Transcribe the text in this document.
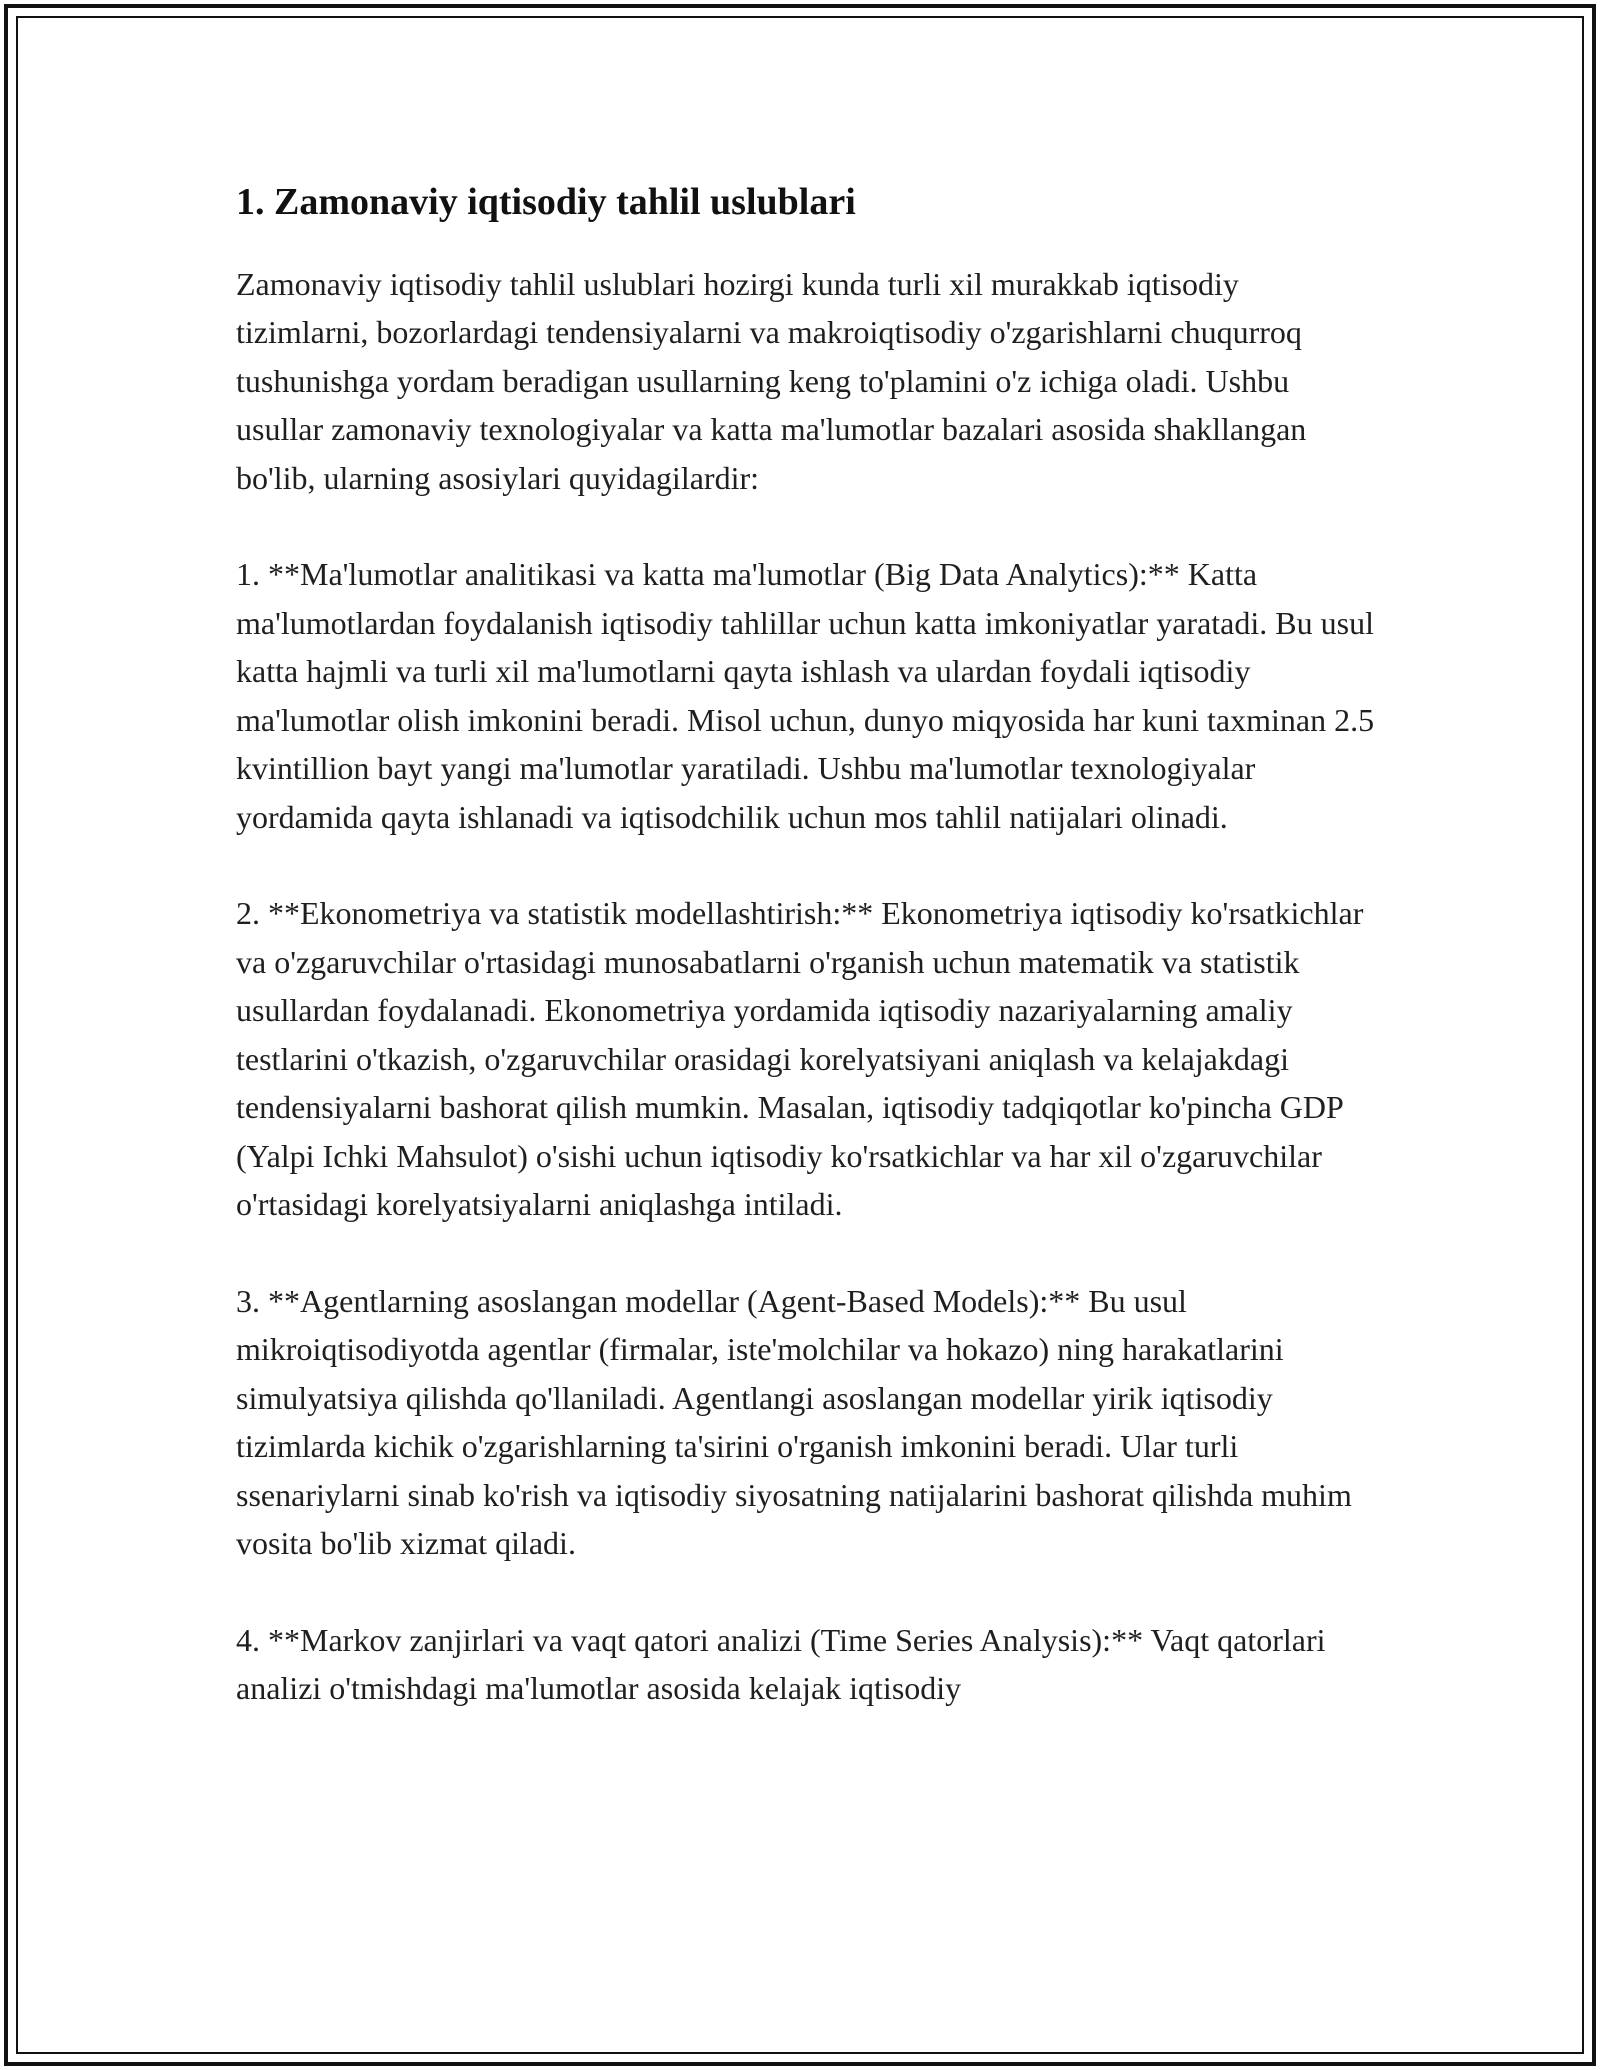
1. Zamonaviy iqtisodiy tahlil uslublari

Zamonaviy iqtisodiy tahlil uslublari hozirgi kunda turli xil murakkab iqtisodiy tizimlarni, bozorlardagi tendensiyalarni va makroiqtisodiy o'zgarishlarni chuqurroq tushunishga yordam beradigan usullarning keng to'plamini o'z ichiga oladi. Ushbu usullar zamonaviy texnologiyalar va katta ma'lumotlar bazalari asosida shakllangan bo'lib, ularning asosiylari quyidagilardir:

1. **Ma'lumotlar analitikasi va katta ma'lumotlar (Big Data Analytics):** Katta ma'lumotlardan foydalanish iqtisodiy tahlillar uchun katta imkoniyatlar yaratadi. Bu usul katta hajmli va turli xil ma'lumotlarni qayta ishlash va ulardan foydali iqtisodiy ma'lumotlar olish imkonini beradi. Misol uchun, dunyo miqyosida har kuni taxminan 2.5 kvintillion bayt yangi ma'lumotlar yaratiladi. Ushbu ma'lumotlar texnologiyalar yordamida qayta ishlanadi va iqtisodchilik uchun mos tahlil natijalari olinadi.

2. **Ekonometriya va statistik modellashtirish:** Ekonometriya iqtisodiy ko'rsatkichlar va o'zgaruvchilar o'rtasidagi munosabatlarni o'rganish uchun matematik va statistik usullardan foydalanadi. Ekonometriya yordamida iqtisodiy nazariyalarning amaliy testlarini o'tkazish, o'zgaruvchilar orasidagi korelyatsiyani aniqlash va kelajakdagi tendensiyalarni bashorat qilish mumkin. Masalan, iqtisodiy tadqiqotlar ko'pincha GDP (Yalpi Ichki Mahsulot) o'sishi uchun iqtisodiy ko'rsatkichlar va har xil o'zgaruvchilar o'rtasidagi korelyatsiyalarni aniqlashga intiladi.

3. **Agentlarning asoslangan modellar (Agent-Based Models):** Bu usul mikroiqtisodiyotda agentlar (firmalar, iste'molchilar va hokazo) ning harakatlarini simulyatsiya qilishda qo'llaniladi. Agentlangi asoslangan modellar yirik iqtisodiy tizimlarda kichik o'zgarishlarning ta'sirini o'rganish imkonini beradi. Ular turli ssenariylarni sinab ko'rish va iqtisodiy siyosatning natijalarini bashorat qilishda muhim vosita bo'lib xizmat qiladi.

4. **Markov zanjirlari va vaqt qatori analizi (Time Series Analysis):** Vaqt qatorlari analizi o'tmishdagi ma'lumotlar asosida kelajak iqtisodiy
